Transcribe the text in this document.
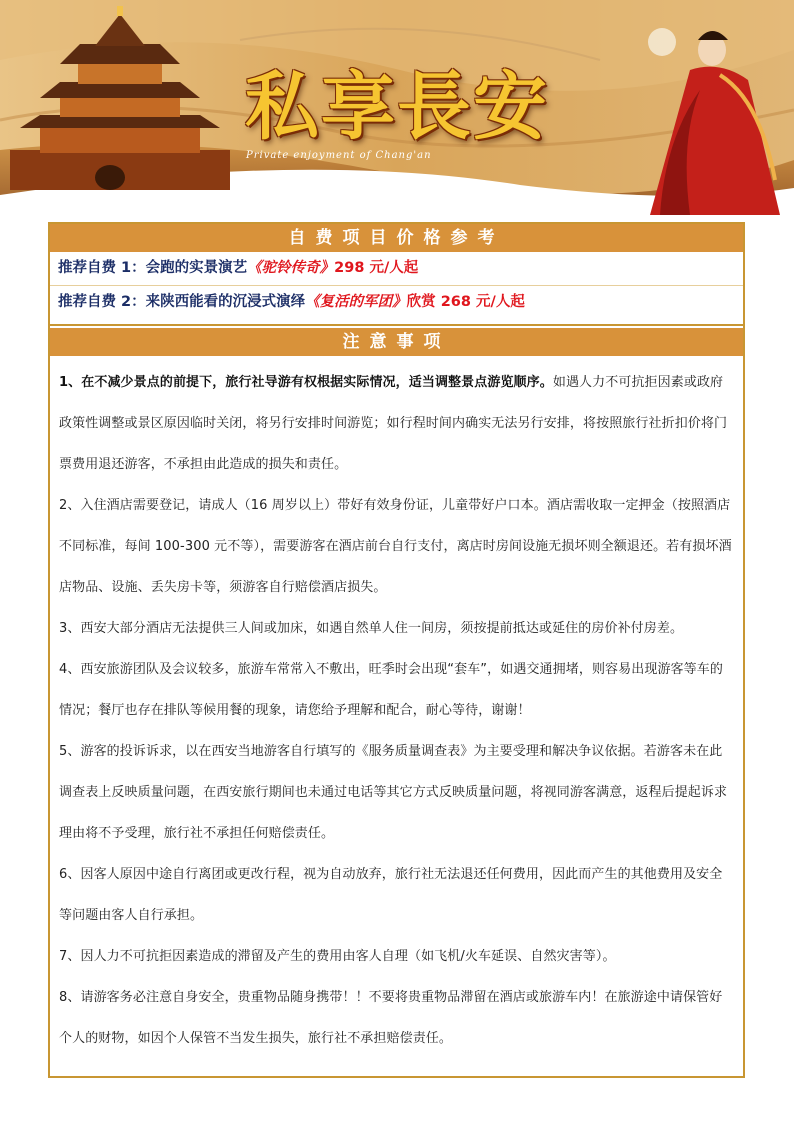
私享長安
Private enjoyment of Chang'an
自费项目价格参考
推荐自费 1：会跑的实景演艺《驼铃传奇》298 元/人起
推荐自费 2：来陕西能看的沉浸式演绎《复活的军团》欣赏 268 元/人起
注意事项

1、在不减少景点的前提下，旅行社导游有权根据实际情况，适当调整景点游览顺序。如遇人力不可抗拒因素或政府政策性调整或景区原因临时关闭，将另行安排时间游览；如行程时间内确实无法另行安排，将按照旅行社折扣价将门票费用退还游客，不承担由此造成的损失和责任。

2、入住酒店需要登记，请成人（16 周岁以上）带好有效身份证，儿童带好户口本。酒店需收取一定押金（按照酒店不同标准，每间 100-300 元不等），需要游客在酒店前台自行支付，离店时房间设施无损坏则全额退还。若有损坏酒店物品、设施、丢失房卡等，须游客自行赔偿酒店损失。

3、西安大部分酒店无法提供三人间或加床，如遇自然单人住一间房，须按提前抵达或延住的房价补付房差。

4、西安旅游团队及会议较多，旅游车常常入不敷出，旺季时会出现“套车”，如遇交通拥堵，则容易出现游客等车的情况；餐厅也存在排队等候用餐的现象，请您给予理解和配合，耐心等待，谢谢！

5、游客的投诉诉求，以在西安当地游客自行填写的《服务质量调查表》为主要受理和解决争议依据。若游客未在此调查表上反映质量问题，在西安旅行期间也未通过电话等其它方式反映质量问题，将视同游客满意，返程后提起诉求理由将不予受理，旅行社不承担任何赔偿责任。

6、因客人原因中途自行离团或更改行程，视为自动放弃，旅行社无法退还任何费用，因此而产生的其他费用及安全等问题由客人自行承担。

7、因人力不可抗拒因素造成的滞留及产生的费用由客人自理（如飞机/火车延误、自然灾害等）。

8、请游客务必注意自身安全，贵重物品随身携带！！不要将贵重物品滞留在酒店或旅游车内！在旅游途中请保管好个人的财物，如因个人保管不当发生损失，旅行社不承担赔偿责任。
